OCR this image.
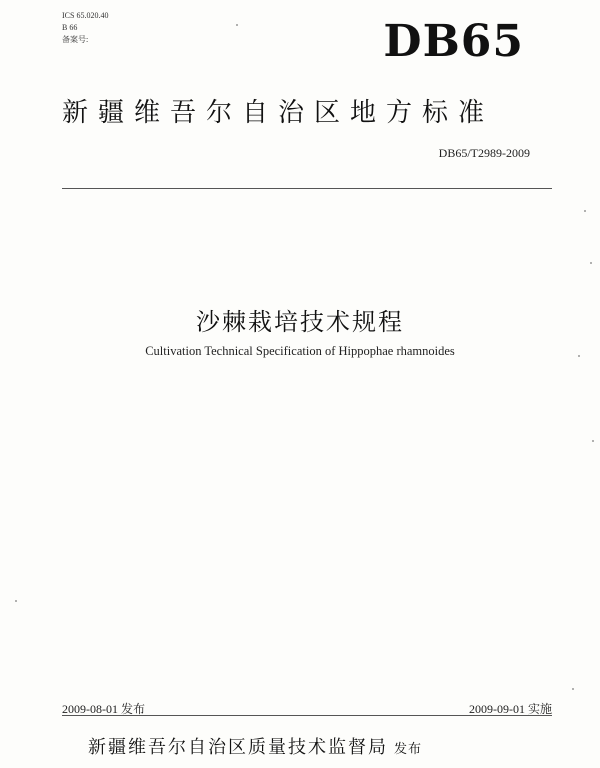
ICS 65.020.40
B 66
备案号:	DB65
新疆维吾尔自治区地方标准
DB65/T2989-2009
沙棘栽培技术规程
Cultivation Technical Specification of Hippophae rhamnoides
2009-08-01 发布	2009-09-01 实施
新疆维吾尔自治区质量技术监督局 发布
